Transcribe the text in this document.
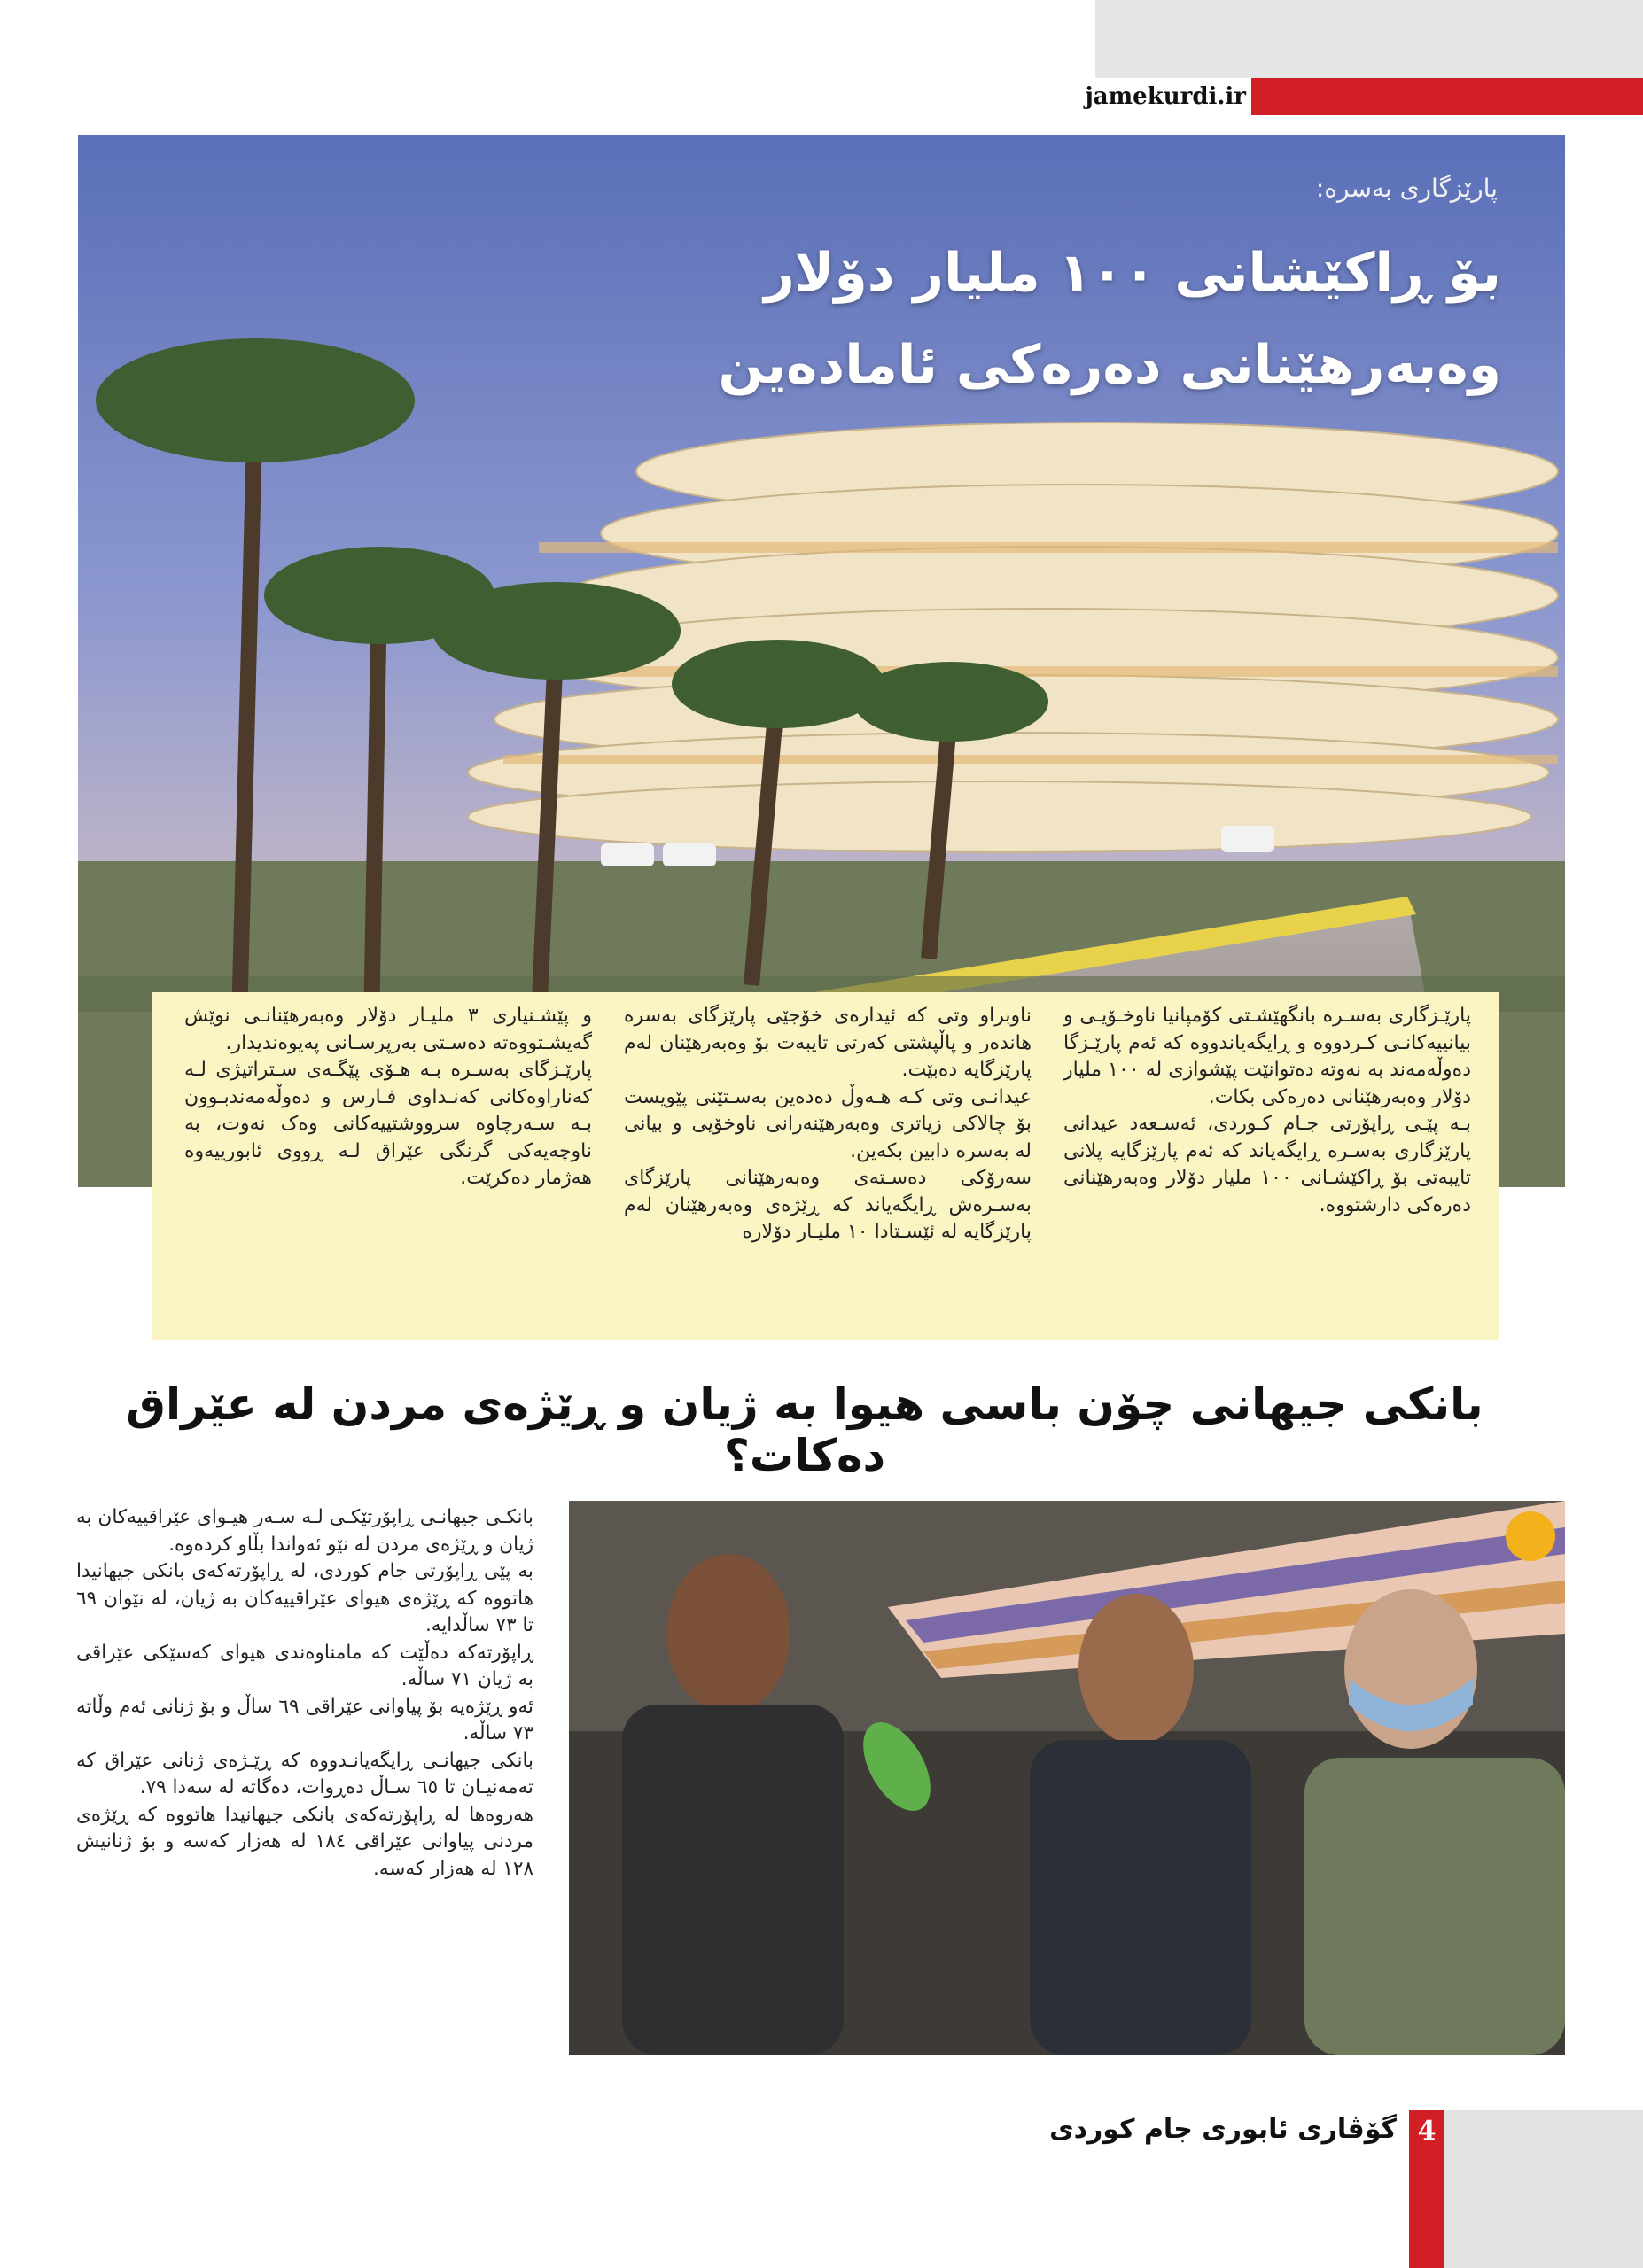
jamekurdi.ir
پارێزگاری بەسرە:
بۆ ڕاکێشانی ١٠٠ ملیار دۆلار
وەبەرهێنانی دەرەکی ئامادەین

پارێـزگاری بەسـرە بانگهێشـتی کۆمپانیا ناوخـۆیـی و بیانییەکانـی کـردووە و ڕایگەیاندووە کە ئەم پارێـزگا دەوڵەمەند بە نەوتە دەتوانێت پێشوازی لە ١٠٠ ملیار دۆلار وەبەرهێنانی دەرەکی بکات.

بـە پێـی ڕاپۆرتی جـام کـوردی، ئەسـعەد عیدانی پارێزگاری بەسـرە ڕایگەیاند کە ئەم پارێزگایە پلانی تایبەتی بۆ ڕاکێشـانی ١٠٠ ملیار دۆلار وەبەرهێنانی دەرەکی دارشتووە.

ناوبراو وتی کە ئیدارەی خۆجێی پارێزگای بەسرە هاندەر و پاڵپشتی کەرتی تایبەت بۆ وەبەرهێنان لەم پارێزگایە دەبێت.

عیدانـی وتی کـە هـەوڵ دەدەین بەسـتێنی پێویست بۆ چالاکی زیاتری وەبەرهێنەرانی ناوخۆیی و بیانی لە بەسرە دابین بکەین.

سەرۆکی دەسـتەی وەبەرهێنانی پارێزگای بەسـرەش ڕایگەیاند کە ڕێژەی وەبەرهێنان لەم پارێزگایە لە ئێسـتادا ١٠ ملیـار دۆلارە

و پێشـنیاری ٣ ملیـار دۆلار وەبەرهێنانـی نوێش گەیشـتووەتە دەسـتی بەرپرسـانی پەیوەندیدار.

پارێـزگای بەسـرە بـە هـۆی پێگـەی سـتراتیژی لـە کەناراوەکانی کەنـداوی فـارس و دەوڵەمەندبـوون بـە سـەرچاوە سرووشتییەکانی وەک نەوت، بە ناوچەیەکی گرنگی عێراق لـە ڕووی ئابورییەوە هەژمار دەکرێت.

بانکی جیهانی چۆن باسی هیوا بە ژیان و ڕێژەی مردن لە عێراق دەکات؟

بانکـی جیهانـی ڕاپۆرتێکـی لـە سـەر هیـوای عێراقییەکان بە ژیان و ڕێژەی مردن لە نێو ئەواندا بڵاو کردەوە.

بە پێی ڕاپۆرتی جام کوردی، لە ڕاپۆرتەکەی بانکی جیهانیدا هاتووە کە ڕێژەی هیوای عێراقییەکان بە ژیان، لە نێوان ٦٩ تا ٧٣ ساڵدایە.

ڕاپۆرتەکە دەڵێت کە مامناوەندی هیوای کەسێکی عێراقی بە ژیان ٧١ ساڵە.

ئەو ڕێژەیە بۆ پیاوانی عێراقی ٦٩ ساڵ و بۆ ژنانی ئەم وڵاتە ٧٣ ساڵە.

بانکی جیهانـی ڕایگەیانـدووە کە ڕێـژەی ژنانی عێراق کە تەمەنیـان تا ٦٥ سـاڵ دەڕوات، دەگاتە لە سەدا ٧٩.

هەروەها لە ڕاپۆرتەکەی بانکی جیهانیدا هاتووە کە ڕێژەی مردنی پیاوانی عێراقی ١٨٤ لە هەزار کەسە و بۆ ژنانیش ١٢٨ لە هەزار کەسە.

4
گۆڤاری ئابوری جام کوردی
